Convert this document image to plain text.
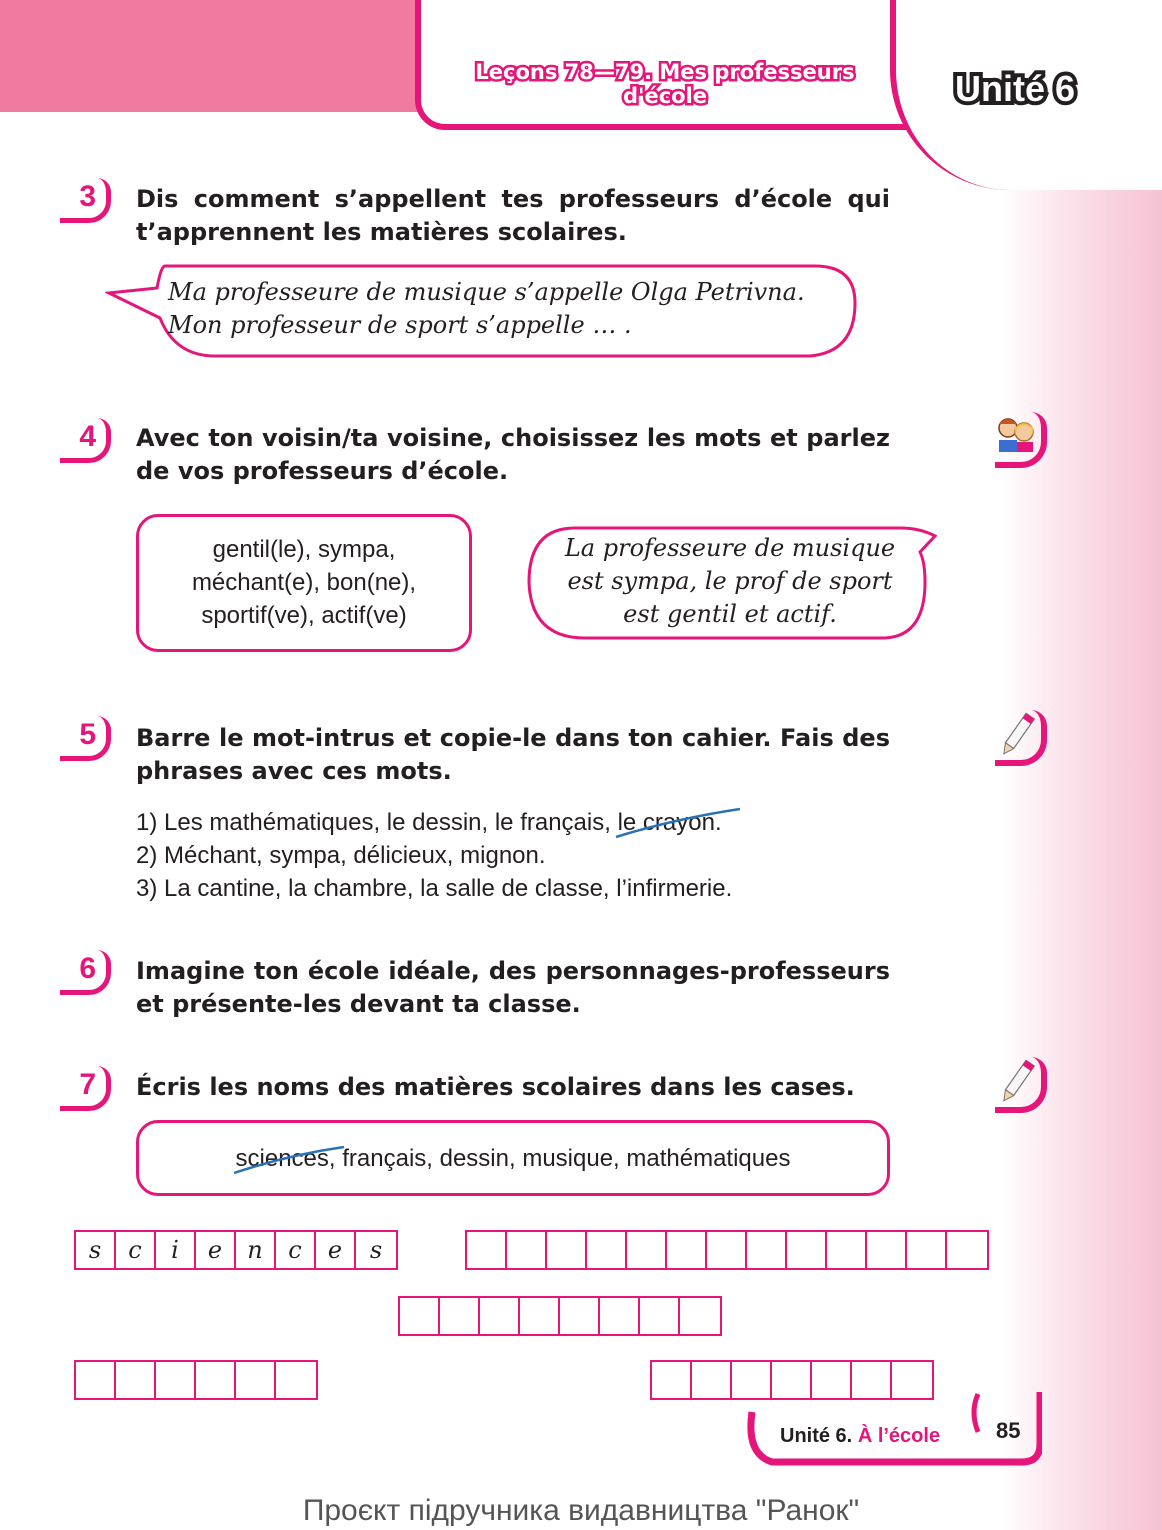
Leçons 78—79. Mes professeurs d'école	Unité 6
3 Dis comment s’appellent tes professeurs d’école qui t’apprennent les matières scolaires.
Ma professeure de musique s’appelle Olga Petrivna.
Mon professeur de sport s’appelle … .
4 Avec ton voisin/ta voisine, choisissez les mots et parlez de vos professeurs d’école.
gentil(le), sympa,
méchant(e), bon(ne),
sportif(ve), actif(ve)
La professeure de musique
est sympa, le prof de sport
est gentil et actif.
5 Barre le mot-intrus et copie-le dans ton cahier. Fais des phrases avec ces mots.
1) Les mathématiques, le dessin, le français, le crayon
.
2) Méchant, sympa, délicieux, mignon.
3) La cantine, la chambre, la salle de classe, l’infirmerie.
6 Imagine ton école idéale, des personnages-professeurs et présente-les devant ta classe.
7 Écris les noms des matières scolaires dans les cases.
sciences
, français, dessin, musique, mathématiques
s	c	i	e	n	c	e	s
Unité 6. À l’école	85
Проєкт підручника видавництва "Ранок"
